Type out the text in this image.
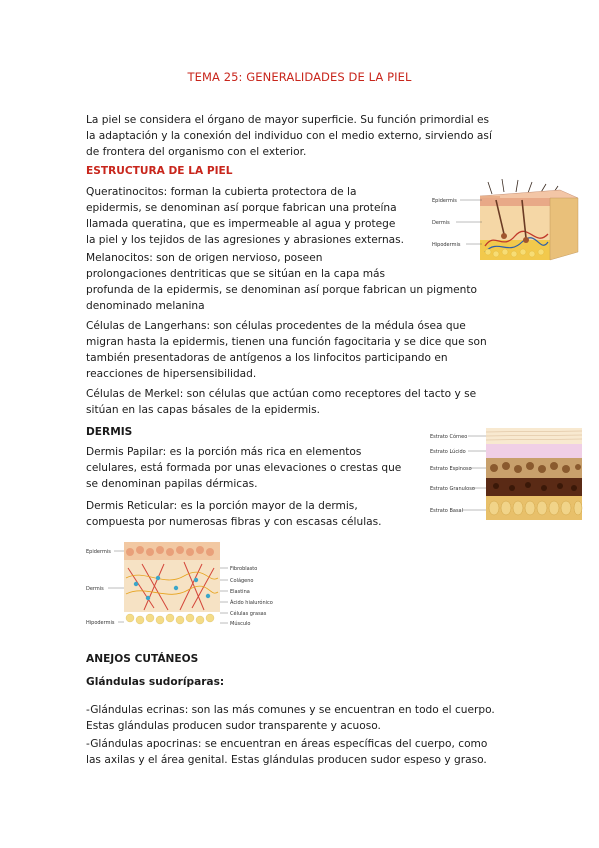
TEMA 25: GENERALIDADES DE LA PIEL

La piel se considera el órgano de mayor superficie. Su función primordial es

la adaptación y la conexión del individuo con el medio externo, sirviendo así

de frontera del organismo con el exterior.

ESTRUCTURA DE LA PIEL

Queratinocitos: forman la cubierta protectora de la

epidermis, se denominan así porque fabrican una proteína

llamada queratina, que es impermeable al agua y protege

la piel y los tejidos de las agresiones y abrasiones externas.

Epidermis
Dermis
Hipodermis

Melanocitos: son de origen nervioso, poseen

prolongaciones dentriticas que se sitúan en la capa más

profunda de la epidermis, se denominan así porque fabrican un pigmento

denominado melanina

Células de Langerhans: son células procedentes de la médula ósea que

migran hasta la epidermis, tienen una función fagocitaria y se dice que son

también presentadoras de antígenos a los linfocitos participando en

reacciones de hipersensibilidad.

Células de Merkel: son células que actúan como receptores del tacto y se

sitúan en las capas básales de la epidermis.

DERMIS	Estrato Córneo
Estrato Lúcido
Estrato Espinoso
Estrato Granuloso
Estrato Basal

Dermis Papilar: es la porción más rica en elementos

celulares, está formada por unas elevaciones o crestas que

se denominan papilas dérmicas.

Dermis Reticular: es la porción mayor de la dermis,

compuesta por numerosas fibras y con escasas células.

Epidermis
Dermis
Hipodermis
Fibroblasto
Colágeno
Elastina
Ácido hialurónico
Células grasas
Músculo
ANEJOS CUTÁNEOS
Glándulas sudoríparas:

-Glándulas ecrinas: son las más comunes y se encuentran en todo el cuerpo.

Estas glándulas producen sudor transparente y acuoso.

-Glándulas apocrinas: se encuentran en áreas específicas del cuerpo, como

las axilas y el área genital. Estas glándulas producen sudor espeso y graso.
